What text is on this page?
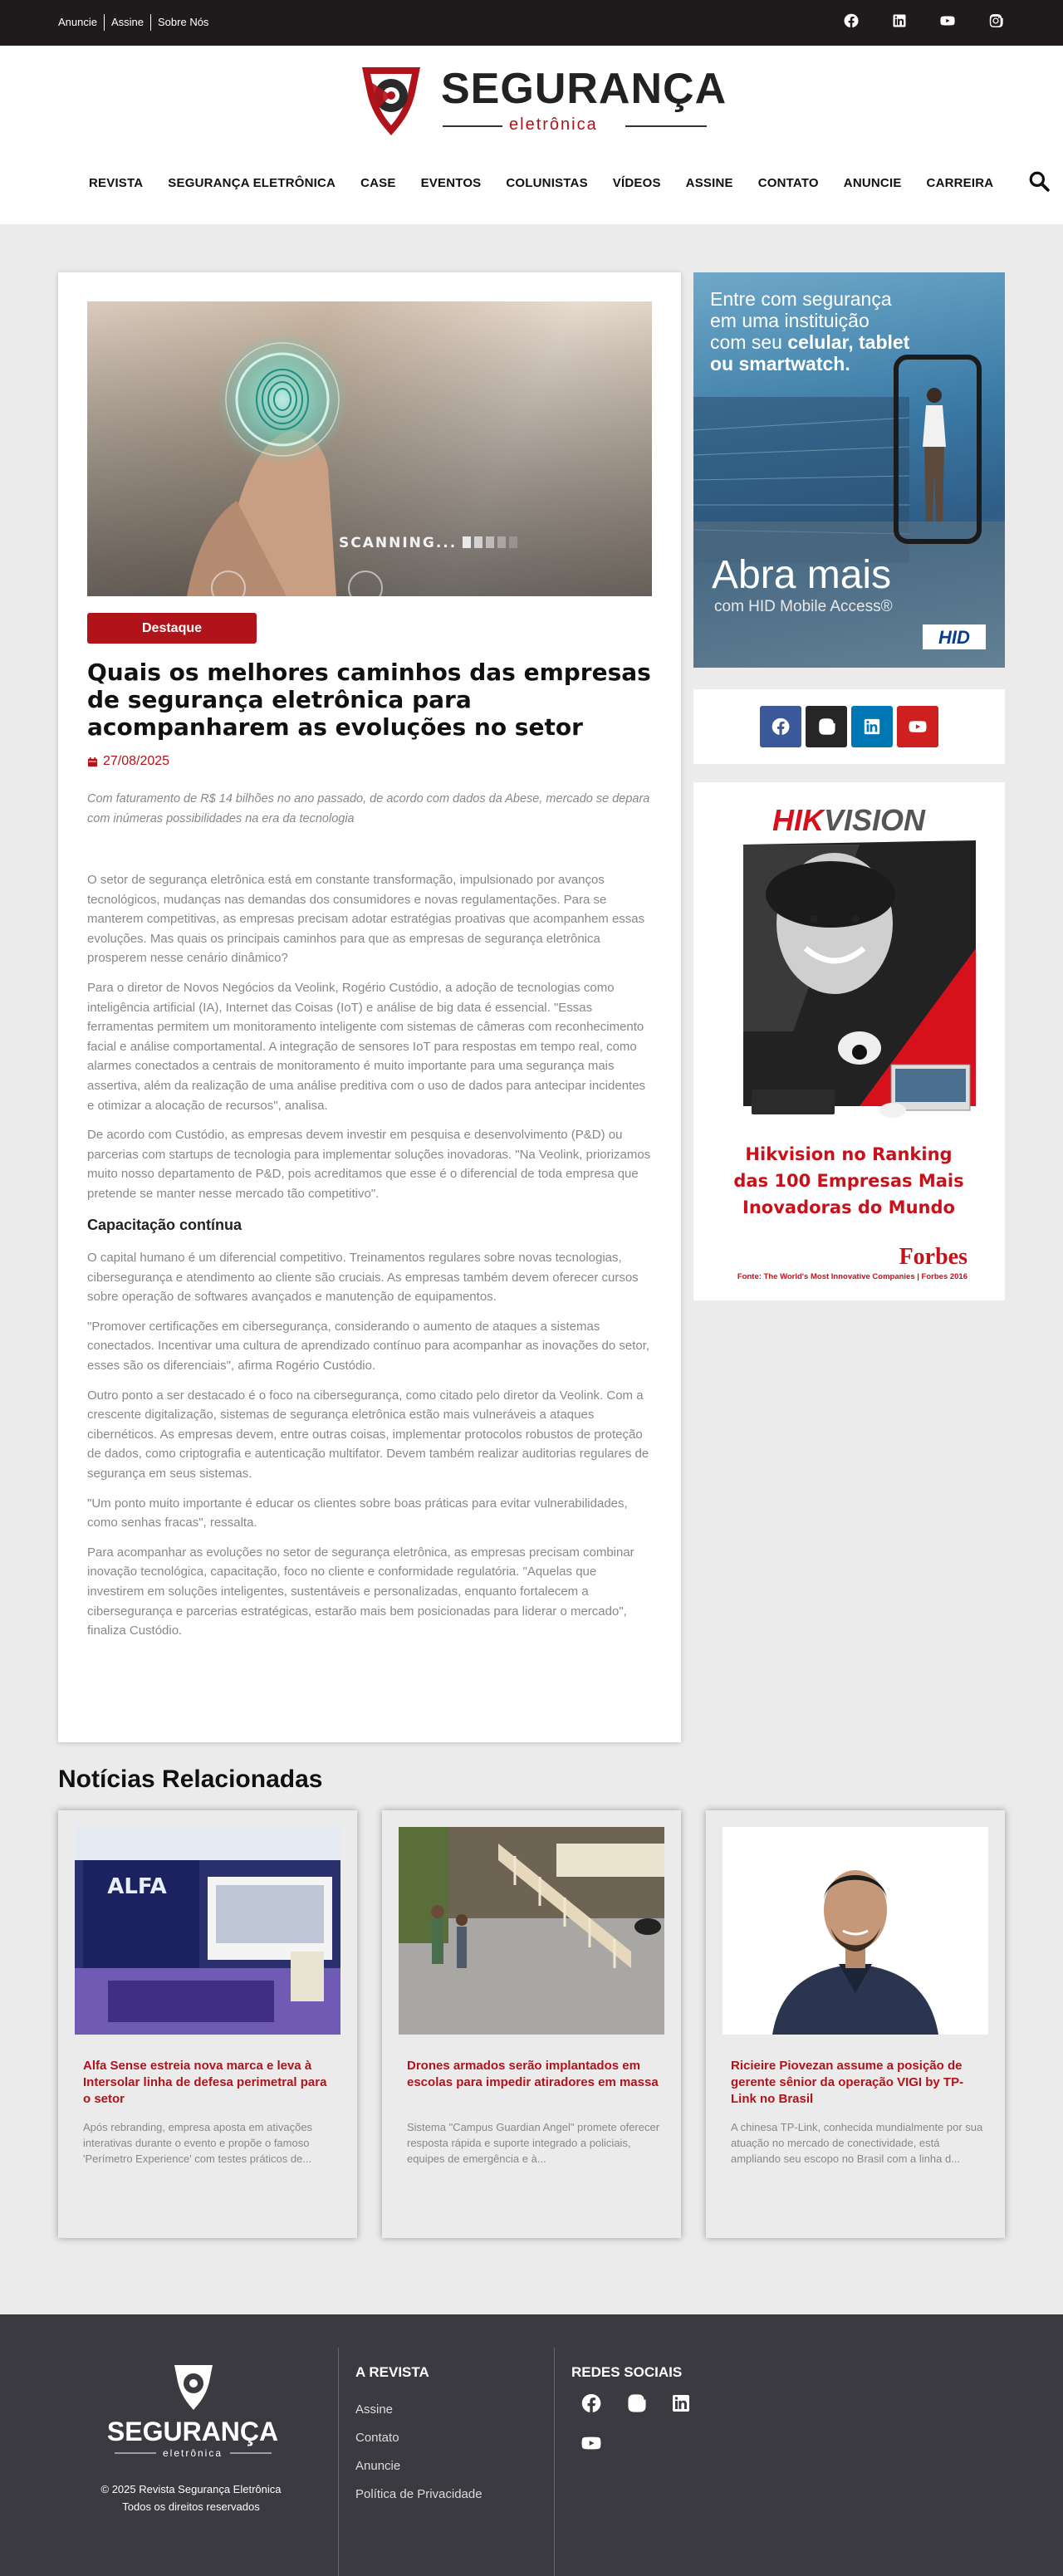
Anuncie	Assine	Sobre Nós
SEGURANÇA
eletrônica
REVISTA SEGURANÇA ELETRÔNICA CASE EVENTOS COLUNISTAS VÍDEOS ASSINE CONTATO ANUNCIE CARREIRA
SCANNING...
Destaque
Quais os melhores caminhos das empresas de segurança eletrônica para acompanharem as evoluções no setor
27/08/2025

Com faturamento de R$ 14 bilhões no ano passado, de acordo com dados da Abese, mercado se depara com inúmeras possibilidades na era da tecnologia

O setor de segurança eletrônica está em constante transformação, impulsionado por avanços tecnológicos, mudanças nas demandas dos consumidores e novas regulamentações. Para se manterem competitivas, as empresas precisam adotar estratégias proativas que acompanhem essas evoluções. Mas quais os principais caminhos para que as empresas de segurança eletrônica prosperem nesse cenário dinâmico?

Para o diretor de Novos Negócios da Veolink, Rogério Custódio, a adoção de tecnologias como inteligência artificial (IA), Internet das Coisas (IoT) e análise de big data é essencial. "Essas ferramentas permitem um monitoramento inteligente com sistemas de câmeras com reconhecimento facial e análise comportamental. A integração de sensores IoT para respostas em tempo real, como alarmes conectados a centrais de monitoramento é muito importante para uma segurança mais assertiva, além da realização de uma análise preditiva com o uso de dados para antecipar incidentes e otimizar a alocação de recursos", analisa.

De acordo com Custódio, as empresas devem investir em pesquisa e desenvolvimento (P&D) ou parcerias com startups de tecnologia para implementar soluções inovadoras. "Na Veolink, priorizamos muito nosso departamento de P&D, pois acreditamos que esse é o diferencial de toda empresa que pretende se manter nesse mercado tão competitivo".

Capacitação contínua

O capital humano é um diferencial competitivo. Treinamentos regulares sobre novas tecnologias, cibersegurança e atendimento ao cliente são cruciais. As empresas também devem oferecer cursos sobre operação de softwares avançados e manutenção de equipamentos.

"Promover certificações em cibersegurança, considerando o aumento de ataques a sistemas conectados. Incentivar uma cultura de aprendizado contínuo para acompanhar as inovações do setor, esses são os diferenciais", afirma Rogério Custódio.

Outro ponto a ser destacado é o foco na cibersegurança, como citado pelo diretor da Veolink. Com a crescente digitalização, sistemas de segurança eletrônica estão mais vulneráveis a ataques cibernéticos. As empresas devem, entre outras coisas, implementar protocolos robustos de proteção de dados, como criptografia e autenticação multifator. Devem também realizar auditorias regulares de segurança em seus sistemas.

"Um ponto muito importante é educar os clientes sobre boas práticas para evitar vulnerabilidades, como senhas fracas", ressalta.

Para acompanhar as evoluções no setor de segurança eletrônica, as empresas precisam combinar inovação tecnológica, capacitação, foco no cliente e conformidade regulatória. "Aquelas que investirem em soluções inteligentes, sustentáveis e personalizadas, enquanto fortalecem a cibersegurança e parcerias estratégicas, estarão mais bem posicionadas para liderar o mercado", finaliza Custódio.

Entre com segurança
em uma instituição
com seu celular, tablet
ou smartwatch.
Abra mais
com HID Mobile Access®
HID
HIKVISION
Hikvision no Ranking
das 100 Empresas Mais
Inovadoras do Mundo
Forbes
Fonte: The World's Most Innovative Companies | Forbes 2016
Notícias Relacionadas
ALFA
Alfa Sense estreia nova marca e leva à Intersolar linha de defesa perimetral para o setor
Após rebranding, empresa aposta em ativações interativas durante o evento e propõe o famoso 'Perímetro Experience' com testes práticos de...
Drones armados serão implantados em escolas para impedir atiradores em massa
Sistema "Campus Guardian Angel" promete oferecer resposta rápida e suporte integrado a policiais, equipes de emergência e à...
Ricieire Piovezan assume a posição de gerente sênior da operação VIGI by TP-Link no Brasil
A chinesa TP-Link, conhecida mundialmente por sua atuação no mercado de conectividade, está ampliando seu escopo no Brasil com a linha d...
SEGURANÇA
eletrônica
© 2025 Revista Segurança Eletrônica
Todos os direitos reservados
A REVISTA
Assine
Contato
Anuncie
Política de Privacidade
REDES SOCIAIS
